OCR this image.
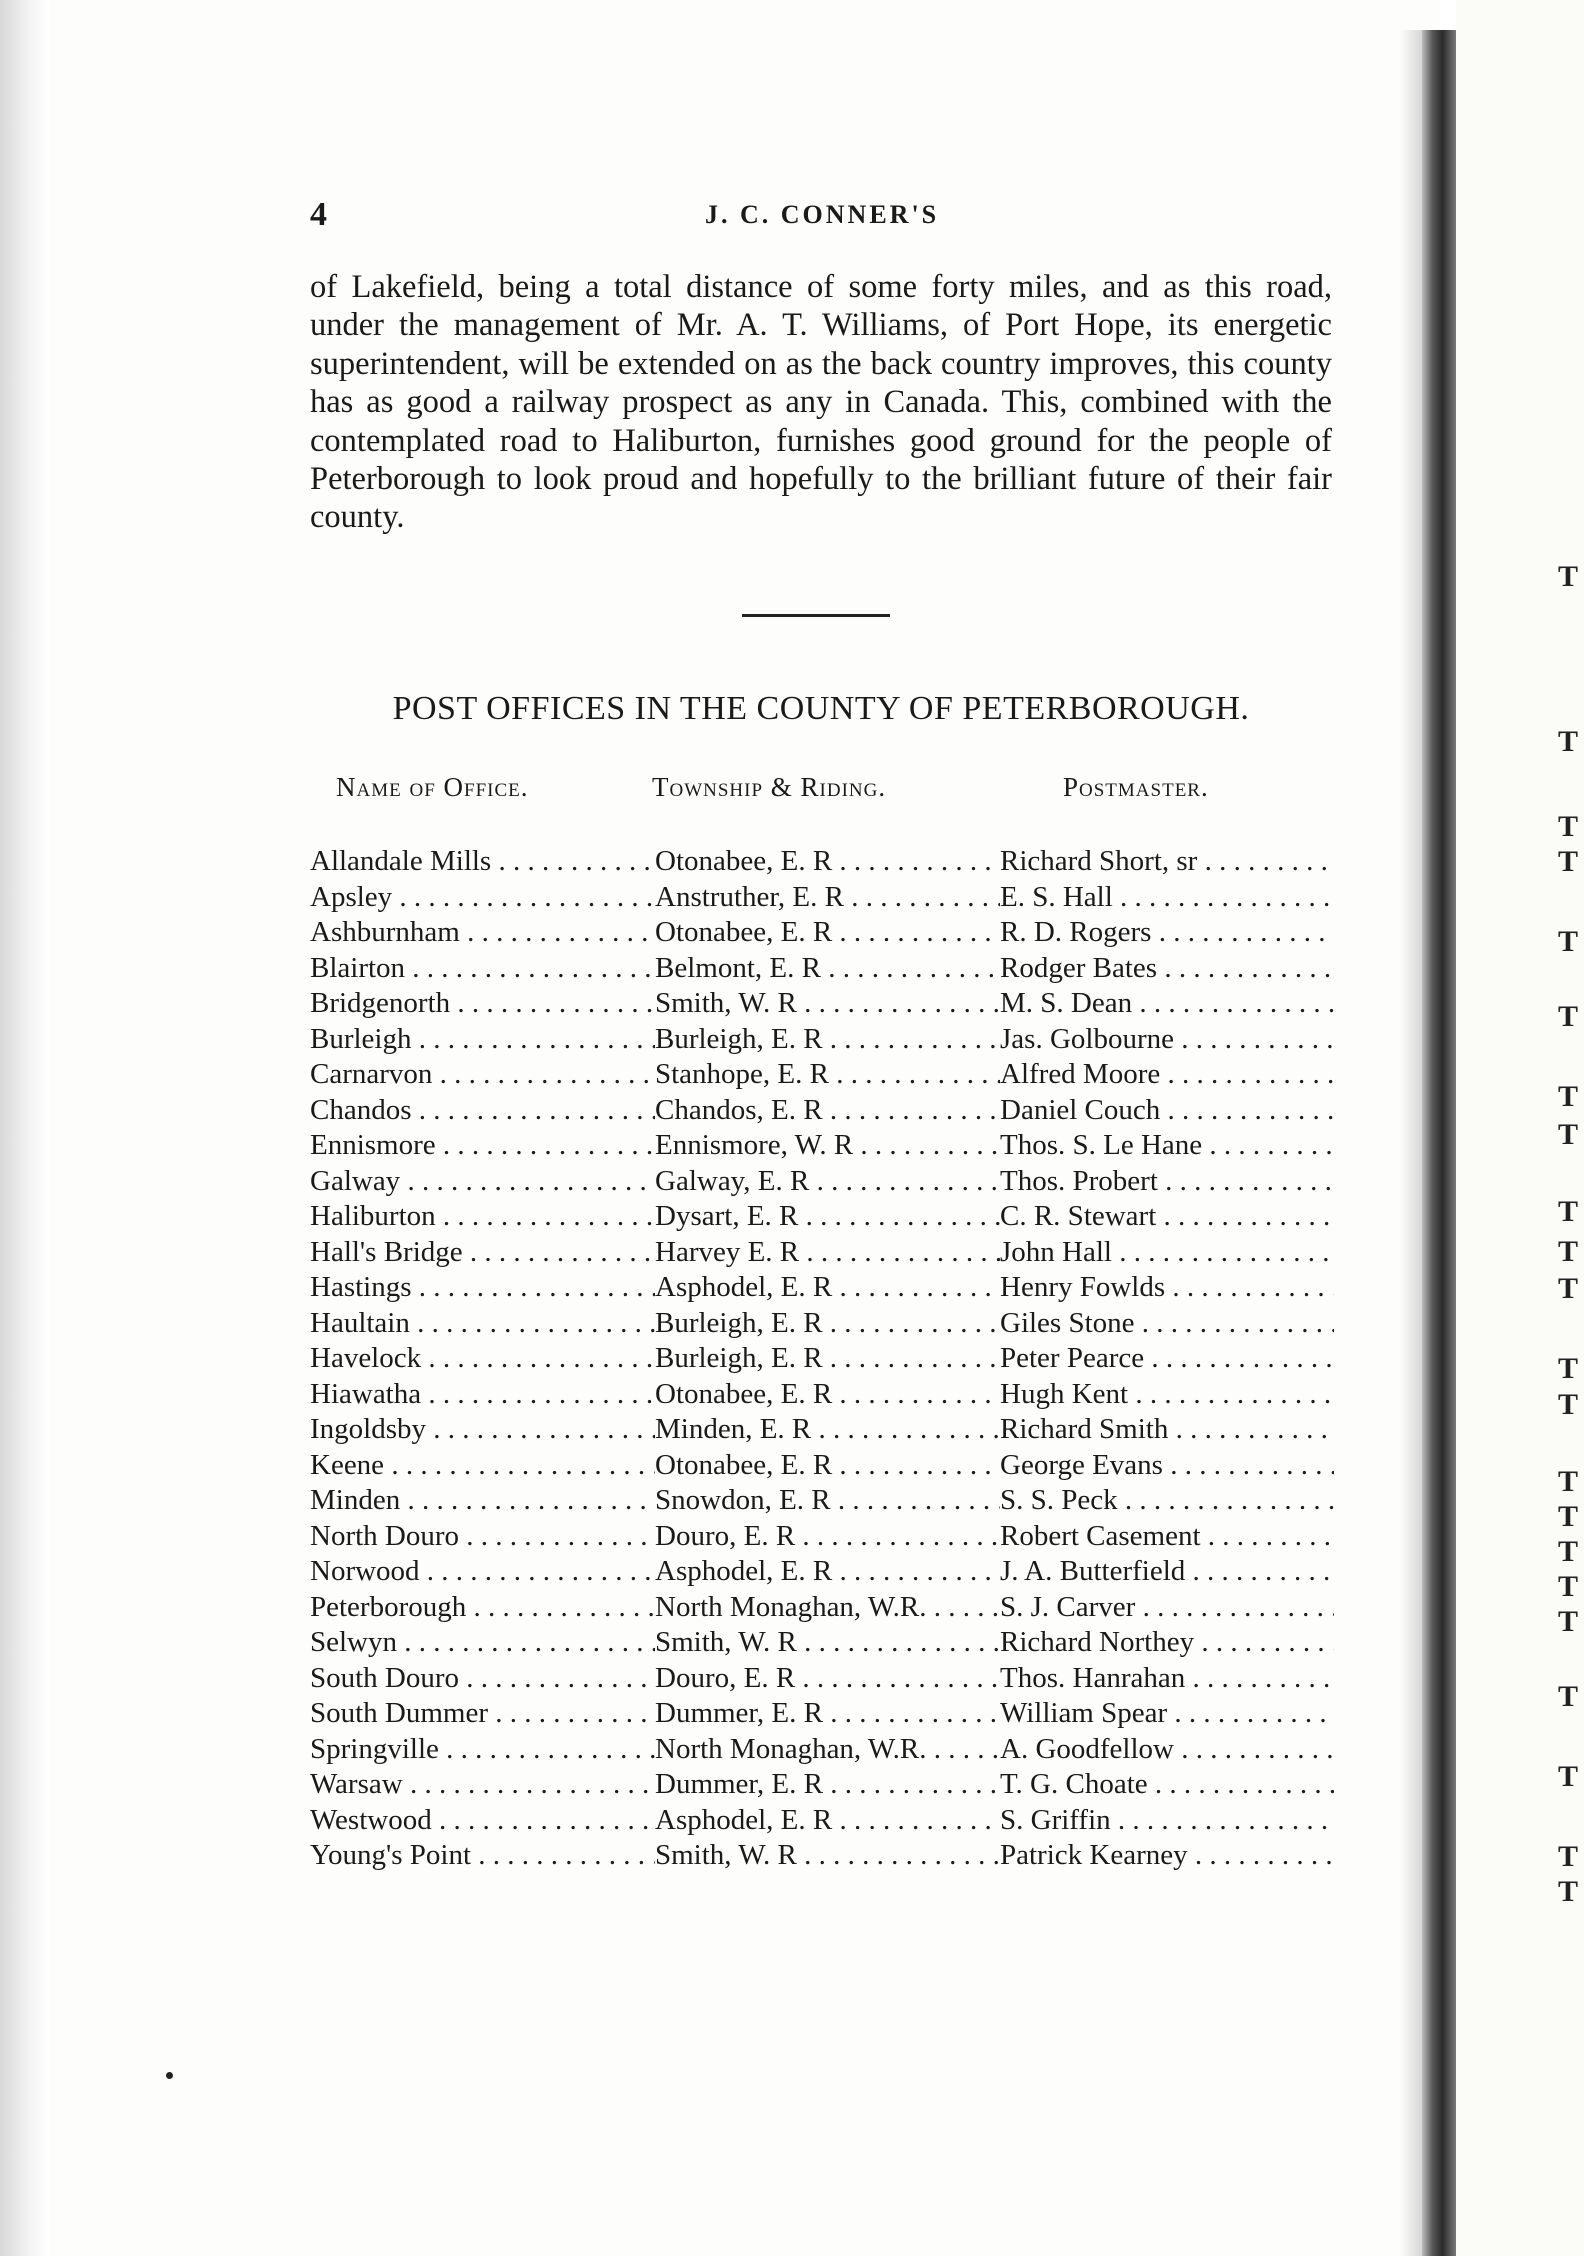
T
T
T
T
T
T
T
T
T
T
T
T
T
T
T
T
T
T
T
T
T
T
4	J. C. CONNER'S
of Lakefield, being a total distance of some forty miles, and as this road, under the management of Mr. A. T. Williams, of Port Hope, its energetic superintendent, will be extended on as the back country improves, this county has as good a railway prospect as any in Canada. This, combined with the contemplated road to Haliburton, furnishes good ground for the people of Peterborough to look proud and hopefully to the brilliant future of their fair county.
POST OFFICES IN THE COUNTY OF PETERBOROUGH.
Name of Office.	Township & Riding.	Postmaster.
Allandale Mills . . .	Otonabee, E. R . . .	Richard Short, sr . . .
Apsley . . .	Anstruther, E. R . . .	E. S. Hall . . .
Ashburnham . . .	Otonabee, E. R . . .	R. D. Rogers . . .
Blairton . . .	Belmont, E. R . . .	Rodger Bates . . .
Bridgenorth . . .	Smith, W. R . . .	M. S. Dean . . .
Burleigh . . .	Burleigh, E. R . . .	Jas. Golbourne . . .
Carnarvon . . .	Stanhope, E. R . . .	Alfred Moore . . .
Chandos . . .	Chandos, E. R . . .	Daniel Couch . . .
Ennismore . . .	Ennismore, W. R . . .	Thos. S. Le Hane . . .
Galway . . .	Galway, E. R . . .	Thos. Probert . . .
Haliburton . . .	Dysart, E. R . . .	C. R. Stewart . . .
Hall's Bridge . . .	Harvey E. R . . .	John Hall . . .
Hastings . . .	Asphodel, E. R . . .	Henry Fowlds . . .
Haultain . . .	Burleigh, E. R . . .	Giles Stone . . .
Havelock . . .	Burleigh, E. R . . .	Peter Pearce . . .
Hiawatha . . .	Otonabee, E. R . . .	Hugh Kent . . .
Ingoldsby . . .	Minden, E. R . . .	Richard Smith . . .
Keene . . .	Otonabee, E. R . . .	George Evans . . .
Minden . . .	Snowdon, E. R . . .	S. S. Peck . . .
North Douro . . .	Douro, E. R . . .	Robert Casement . . .
Norwood . . .	Asphodel, E. R . . .	J. A. Butterfield . . .
Peterborough . . .	North Monaghan, W.R. . . .	S. J. Carver . . .
Selwyn . . .	Smith, W. R . . .	Richard Northey . . .
South Douro . . .	Douro, E. R . . .	Thos. Hanrahan . . .
South Dummer . . .	Dummer, E. R . . .	William Spear . . .
Springville . . .	North Monaghan, W.R. . . .	A. Goodfellow . . .
Warsaw . . .	Dummer, E. R . . .	T. G. Choate . . .
Westwood . . .	Asphodel, E. R . . .	S. Griffin . . .
Young's Point . . .	Smith, W. R . . .	Patrick Kearney . . .
